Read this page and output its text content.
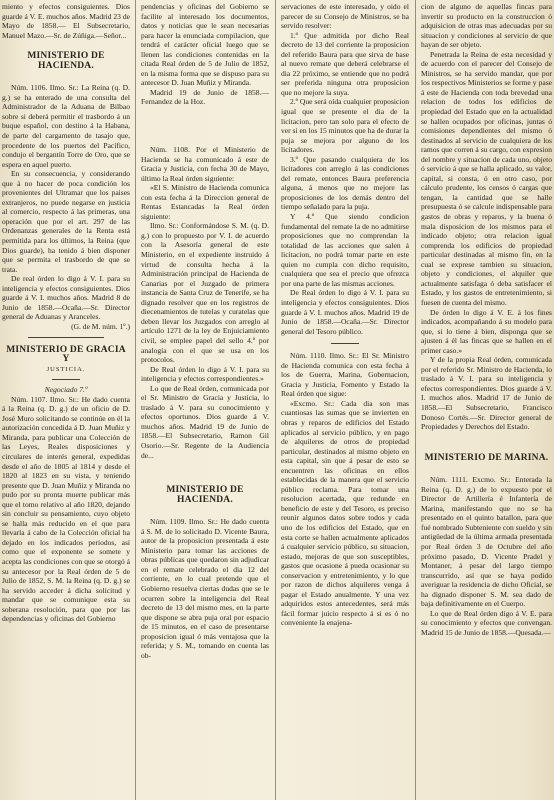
miento y efectos consiguientes. Dios guarde á V. E. muchos años. Madrid 23 de Mayo de 1858.— El Subsecretario, Manuel Mazo.—Sr. de Zúñiga.—Señor...

MINISTERIO DE HACIENDA.

Núm. 1106. Ilmo. Sr.: La Reina (q. D. g.) se ha enterado de una consulta del Administrador de la Aduana de Bilbao sobre si deberá permitir el trasbordo á un buque español, con destino á la Habana, de parte del cargamento de tasajo que, procedente de los puertos del Pacífico, condujo el bergantín Torre de Oro, que se espera en aquel puerto.

En su consecuencia, y considerando que á no hacer de poca condición los provenientes del Ultramar que los paises extranjeros, no puede negarse en justicia al comercio, respecto á las primeras, una operación que por el art. 297 de las Ordenanzas generales de la Renta está permitida para los últimos, la Reina (que Dios guarde), ha tenido á bien disponer que se permita el trasbordo de que se trata.

De real órden lo digo á V. I. para su inteligencia y efectos consiguientes. Dios guarde á V. I. muchos años. Madrid 8 de Junio de 1858.—Ocaña.—Sr. Director general de Aduanas y Aranceles.

(G. de M. núm. 1º.)

MINISTERIO DE GRACIA Y
JUSTICIA.

Negociado 7.º

Núm. 1107. Ilmo. Sr.: He dado cuenta á la Reina (q. D. g.) de un oficio de D. José Muro solicitando se continúe en él la autorización concedida á D. Juan Muñiz y Miranda, para publicar una Colección de las Leyes, Reales disposiciones y circulares de interés general, expedidas desde el año de 1805 al 1814 y desde el 1820 al 1823 en su vista, y teniendo presente que D. Juan Muñiz y Miranda no pudo por su pronta muerte publicar más que el tomo relativo al año 1820, dejando sin concluir su pensamiento, cuyo objeto se halla más reducido en el que para llevarla á cabo de la Colección oficial ha dejado en los indicados periodos, así como que el exponente se somete y acepta las condiciones con que se otorgó á su antecesor por la Real órden de 5 de Julio de 1852, S. M. la Reina (q. D. g.) se ha servido acceder á dicha solicitud y mandar que se comunique esta su soberana resolución, para que por las dependencias y oficinas del Gobierno

pendencias y oficinas del Gobierno se facilite al interesado los documentos, datos y noticias que le sean necesarias para hacer la enunciada compilacion, que tendrá el carácter oficial luego que se llenen las condiciones contenidas en la citada Real órden de 5 de Julio de 1852, en la misma forma que se dispuso para su antecesor D. Juan Muñiz y Miranda.

Madrid 19 de Junio de 1858.—Fernandez de la Hoz.

Núm. 1108. Por el Ministerio de Hacienda se ha comunicado á este de Gracia y Justicia, con fecha 30 de Mayo, último la Real órden siguiente:

«El S. Ministro de Hacienda comunica con esta fecha á la Direccion general de Rentas Estancadas la Real órden siguiente:

Ilmo. Sr.: Conformándose S. M. (q. D. g.) con lo propuesto por V. I. de acuerdo con la Asesoría general de este Ministerio, en el expediente instruido á virtud de consulta hecha á la Administración principal de Hacienda de Canarias por el Juzgado de primera instancia de Santa Cruz de Tenerife, se ha dignado resolver que en los registros de diecenamientos de tutelas y curatelas que deben llevar los Juzgados con arreglo al artículo 1271 de la ley de Enjuiciamiento civil, se emplee papel del sello 4.º por analogía con el que se usa en los protocolos.

De Real órden lo digo á V. I. para su inteligencia y efectos correspondientes.»

Lo que de Real órden, comunicada por el Sr. Ministro de Gracia y Justicia, lo traslado á V. para su conocimiento y efectos oportunos. Dios guarde á V. muchos años. Madrid 19 de Junio de 1858.—El Subsecretario, Ramon Gil Osorio.—Sr. Regente de la Audiencia de...

MINISTERIO DE HACIENDA.

Núm. 1109. Ilmo. Sr.: He dado cuenta á S. M. de lo solicitado D. Vicente Baura, autor de la proposicion presentada á este Ministerio para tomar las acciones de obras públicas que quedaron sin adjudicar en el remate celebrado el dia 12 del corriente, en lo cual pretende que el Gobierno resuelva ciertas dudas que se le ocurren sobre la inteligencia del Real decreto de 13 del mismo mes, en la parte que dispone se abra puja oral por espacio de 15 minutos, en el caso de presentarse proposicion igual ó más ventajosa que la referida; y S. M., tomando en cuenta las ob-

servaciones de este interesado, y oido el parecer de su Consejo de Ministros, se ha servido resolver:

1.º Que admitida por dicho Real decreto de 13 del corriente la proposicion del referido Baura para que sirva de base al nuevo remate que deberá celebrarse el dia 22 próximo, se entiende que no podrá ser preferida ninguna otra proposicion que no mejore la suya.

2.º Que será oída cualquier proposicion igual que se presente el dia de la licitacion, pero tan solo para el efecto de ver si en los 15 minutos que ha de durar la puja se mejora por alguno de los licitadores.

3.º Que pasando cualquiera de los licitadores con arreglo á las condiciones del remate, entonces Baura preferencia alguna, á menos que no mejore las proposiciones de los demás dentro del tiempo señalado para la puja.

Y 4.º Que siendo condicion fundamental del remate la de no admitirse proposiciones que no comprendan la totalidad de las acciones que salen á licitacion, no podrá tomar parte en este quien no cumpla con dicho requisito, cualquiera que sea el precio que ofrezca por una parte de las mismas acciones.

De Real órden lo digo á V. I. para su inteligencia y efectos consiguientes. Dios guarde á V. I. muchos años. Madrid 19 de Junio de 1858.—Ocaña.—Sr. Director general del Tesoro público.

Núm. 1110. Ilmo. Sr.: El Sr. Ministro de Hacienda comunica con esta fecha á los de Guerra, Marina, Gobernacion, Gracia y Justicia, Fomento y Estado la Real órden que sigue:

«Excmo. Sr.: Cada dia son mas cuantiosas las sumas que se invierten en obras y reparos de edificios del Estado aplicados al servicio público, y en pago de alquileres de otros de propiedad particular, destinados al mismo objeto en esta capital, sin que á pesar de esto se encuentren las oficinas en ellos establecidas de la manera que el servicio público reclama. Para tomar una resolucion acertada, que redunde en beneficio de este y del Tesoro, es preciso reunir algunos datos sobre todos y cada uno de los edificios del Estado, que en esta corte se hallen actualmente aplicados á cualquier servicio público, su situacion, estado, mejoras de que son susceptibles, gastos que ocasione á pueda ocasionar su conservacion y entretenimiento, y lo que por razon de dichos alquileres venga á pagar el Estado anualmente. Y una vez adquiridos estos antecedentes, será más fácil formar juicio respecto á si es ó no conveniente la enajena-

cion de alguno de aquellas fincas para invertir su producto en la construccion ó adquisicion de otras mas adecuadas por su situacion y condiciones al servicio de que hayan de ser objeto.

Penetrada la Reina de esta necesidad y de acuerdo con el parecer del Consejo de Ministros, se ha servido mandar, que por los respectivos Ministerios se forme y pase á este de Hacienda con toda brevedad una relacion de todos los edificios de propiedad del Estado que en la actualidad se hallen ocupados por oficinas, juntas ó comisiones dependientes del mismo ó destinados al servicio de cualquiera de los ramos que corren á su cargo, con expresion del nombre y situacion de cada uno, objeto ó servicio á que se halla aplicado, su valor, capital, si consta, ó en otro caso, por cálculo prudente, los censos ó cargas que tengan, la cantidad que se halle presupuesta ó se calcule indispensable para gastos de obras y reparos, y la buena ó mala disposicion de los mismos para el indicado objeto; otra relacion igual comprenda los edificios de propiedad particular destinadas al mismo fin, en la cual se exprese tambien su situacion, objeto y condiciones, el alquiler que actualmente satisfaga ó deba satisfacer el Estado, y los gastos de entretenimiento, si fuesen de cuenta del mismo.

De órden lo digo á V. E. á los fines indicados, acompañando á su modelo para que, si lo tiene á bien, disponga que se ajusten á él las fincas que se hallen en el primer caso.»

Y de la propia Real órden, comunicada por el referido Sr. Ministro de Hacienda, lo traslado á V. I. para su inteligencia y efectos correspondientes. Dios guarde á V. I. muchos años. Madrid 17 de Junio de 1858.—El Subsecretario, Francisco Donoso Cortés.—Sr. Director general de Propiedades y Derechos del Estado.

MINISTERIO DE MARINA.

Núm. 1111. Excmo. Sr.: Enterada la Reina (q. D. g.) de lo expuesto por el Director de Artillería é Infantería de Marina, manifestando que no se ha presentado en el quinto batallon, para que fué nombrado Subteniente con sueldo y sin antigüedad de la última armada presentada por Real órden 3 de Octubre del año próximo pasado, D. Vicente Pradel y Montaner, á pesar del largo tiempo transcurrido, así que se haya podido averiguar la residencia de dicho Oficial, se ha dignado disponer S. M. sea dado de baja definitivamente en el Cuerpo.

Lo que de Real órden digo á V. E. para su conocimiento y efectos que convengan. Madrid 15 de Junio de 1858.—Quesada.—
